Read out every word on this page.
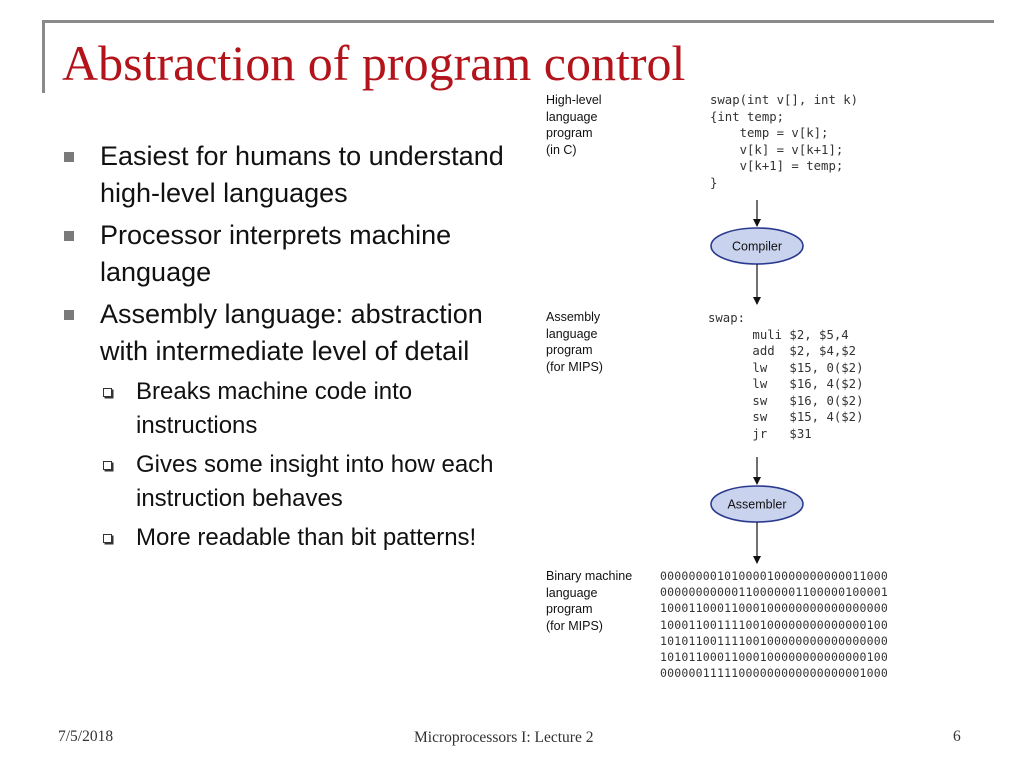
Abstraction of program control
Easiest for humans to understand high-level languages
Processor interprets machine language
Assembly language: abstraction with intermediate level of detail
Breaks machine code into instructions
Gives some insight into how each instruction behaves
More readable than bit patterns!
High-level
language
program
(in C)
swap(int v[], int k)
{int temp;
temp = v[k];
v[k] = v[k+1];
v[k+1] = temp;
}
Assembly
language
program
(for MIPS)
swap:
muli $2, $5,4
add  $2, $4,$2
lw   $15, 0($2)
lw   $16, 4($2)
sw   $16, 0($2)
sw   $15, 4($2)
jr   $31
Binary machine
language
program
(for MIPS)
00000000101000010000000000011000
00000000000110000001100000100001
10001100011000100000000000000000
10001100111100100000000000000100
10101100111100100000000000000000
10101100011000100000000000000100
00000011111000000000000000001000
Compiler
Assembler
7/5/2018	Microprocessors I: Lecture 2	6
